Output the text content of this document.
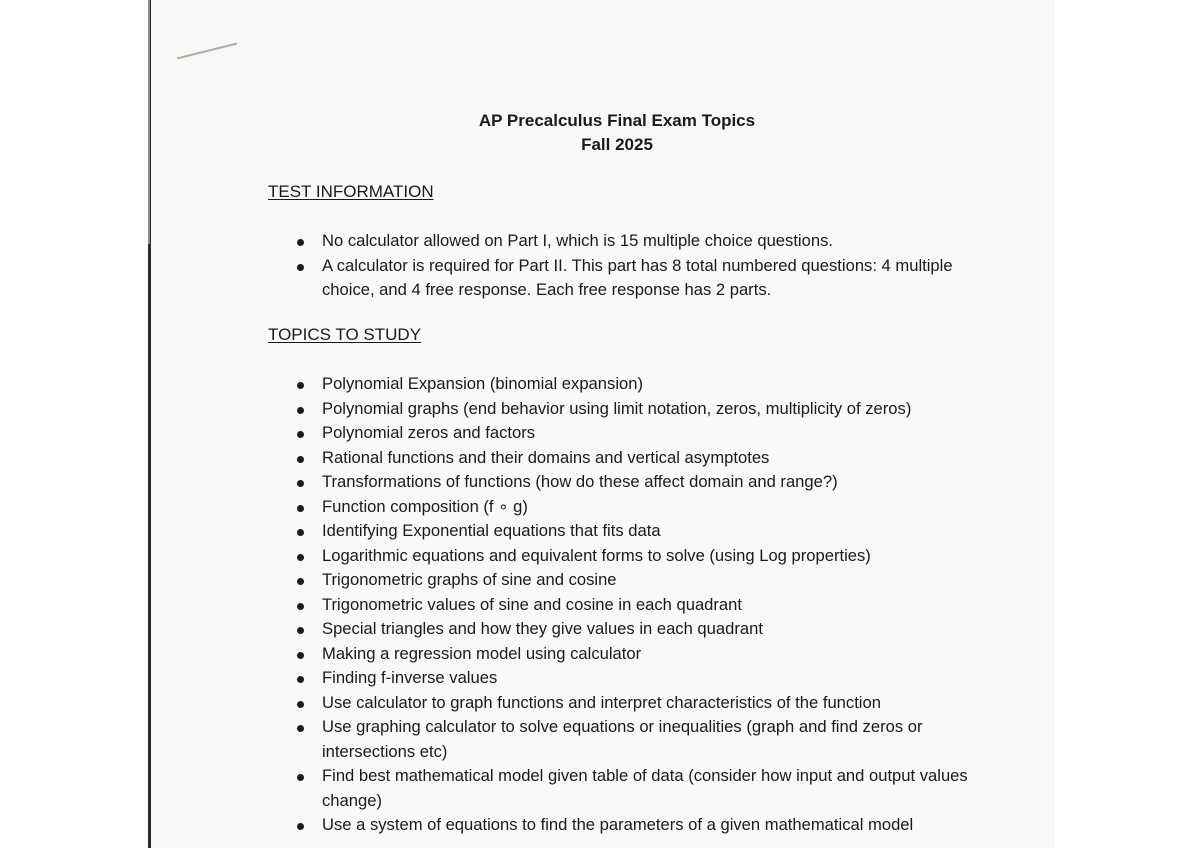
AP Precalculus Final Exam Topics
Fall 2025
TEST INFORMATION
No calculator allowed on Part I, which is 15 multiple choice questions.
A calculator is required for Part II. This part has 8 total numbered questions: 4 multiple choice, and 4 free response. Each free response has 2 parts.
TOPICS TO STUDY
Polynomial Expansion (binomial expansion)
Polynomial graphs (end behavior using limit notation, zeros, multiplicity of zeros)
Polynomial zeros and factors
Rational functions and their domains and vertical asymptotes
Transformations of functions (how do these affect domain and range?)
Function composition (f ∘ g)
Identifying Exponential equations that fits data
Logarithmic equations and equivalent forms to solve (using Log properties)
Trigonometric graphs of sine and cosine
Trigonometric values of sine and cosine in each quadrant
Special triangles and how they give values in each quadrant
Making a regression model using calculator
Finding f-inverse values
Use calculator to graph functions and interpret characteristics of the function
Use graphing calculator to solve equations or inequalities (graph and find zeros or intersections etc)
Find best mathematical model given table of data (consider how input and output values change)
Use a system of equations to find the parameters of a given mathematical model
